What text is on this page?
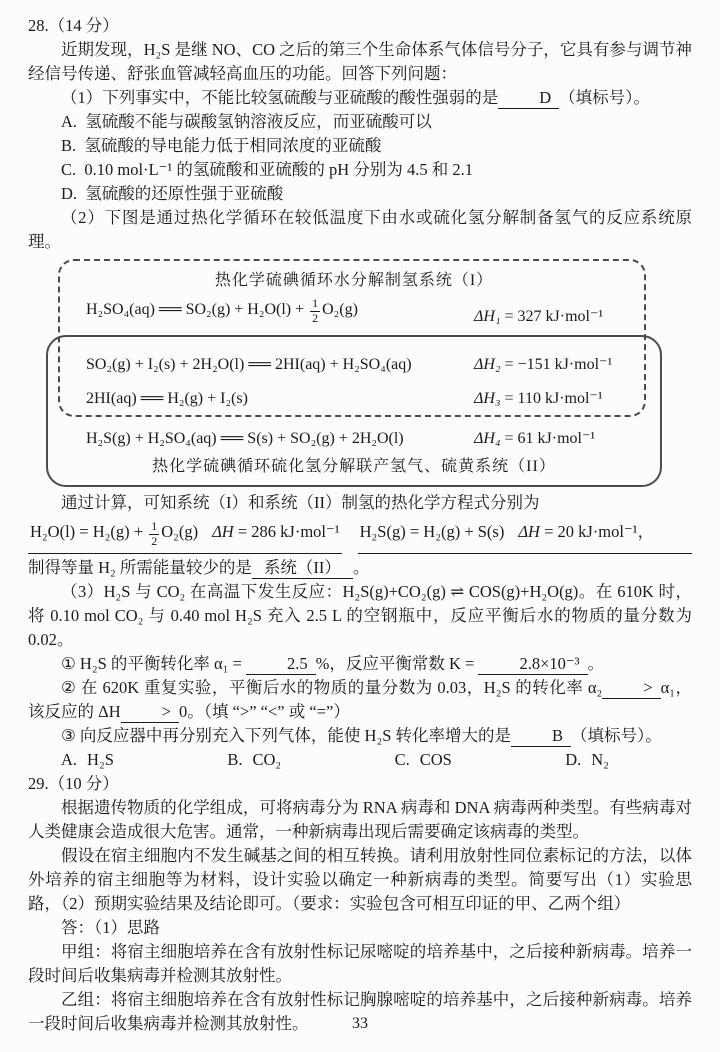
28.（14 分）

近期发现，H₂S 是继 NO、CO 之后的第三个生命体系气体信号分子，它具有参与调节神经信号传递、舒张血管减轻高血压的功能。回答下列问题：

（1）下列事实中，不能比较氢硫酸与亚硫酸的酸性强弱的是 D （填标号）。

A. 氢硫酸不能与碳酸氢钠溶液反应，而亚硫酸可以

B. 氢硫酸的导电能力低于相同浓度的亚硫酸

C. 0.10 mol·L⁻¹ 的氢硫酸和亚硫酸的 pH 分别为 4.5 和 2.1

D. 氢硫酸的还原性强于亚硫酸

（2）下图是通过热化学循环在较低温度下由水或硫化氢分解制备氢气的反应系统原理。

热化学硫碘循环水分解制氢系统（I）
H₂SO₄(aq) ══ $SO_2(g) + H_2O(l) + \frac{1}{2} O_2(g)$	ΔH₁ = 327 kJ·mol⁻¹
SO₂(g) + I₂(s) + 2H₂O(l) ══ 2HI(aq) + H₂SO₄(aq)	ΔH₂ = −151 kJ·mol⁻¹
2HI(aq) ══ H₂(g) + I₂(s)	ΔH₃ = 110 kJ·mol⁻¹
H₂S(g) + H₂SO₄(aq) ══ S(s) + SO₂(g) + 2H₂O(l)	ΔH₄ = 61 kJ·mol⁻¹
热化学硫碘循环硫化氢分解联产氢气、硫黄系统（II）

通过计算，可知系统（I）和系统（II）制氢的热化学方程式分别为

$H_2O(l) = H_2(g) + \frac{1}{2} O_2(g) \Delta H = 286$ kJ·mol⁻¹ H₂S(g) = H₂(g) + S(s) ΔH = 20 kJ·mol⁻¹，

制得等量 H₂ 所需能量较少的是 系统（II） 。

（3）H₂S 与 CO₂ 在高温下发生反应：H₂S(g)+CO₂(g) ⇌ COS(g)+H₂O(g)。在 610K 时，将 0.10 mol CO₂ 与 0.40 mol H₂S 充入 2.5 L 的空钢瓶中，反应平衡后水的物质的量分数为 0.02。

① H₂S 的平衡转化率 α₁ = 2.5 %，反应平衡常数 K = 2.8×10⁻³ 。

② 在 620K 重复实验，平衡后水的物质的量分数为 0.03，H₂S 的转化率 α₂ > α₁，该反应的 ΔH > 0。（填 “>” “<” 或 “=”）

③ 向反应器中再分别充入下列气体，能使 H₂S 转化率增大的是 B （填标号）。

A. H₂S	B. CO₂	C. COS	D. N₂

29.（10 分）

根据遗传物质的化学组成，可将病毒分为 RNA 病毒和 DNA 病毒两种类型。有些病毒对人类健康会造成很大危害。通常，一种新病毒出现后需要确定该病毒的类型。

假设在宿主细胞内不发生碱基之间的相互转换。请利用放射性同位素标记的方法，以体外培养的宿主细胞等为材料，设计实验以确定一种新病毒的类型。简要写出（1）实验思路，（2）预期实验结果及结论即可。（要求：实验包含可相互印证的甲、乙两个组）

答：（1）思路

甲组：将宿主细胞培养在含有放射性标记尿嘧啶的培养基中，之后接种新病毒。培养一段时间后收集病毒并检测其放射性。

乙组：将宿主细胞培养在含有放射性标记胸腺嘧啶的培养基中，之后接种新病毒。培养一段时间后收集病毒并检测其放射性。	33
